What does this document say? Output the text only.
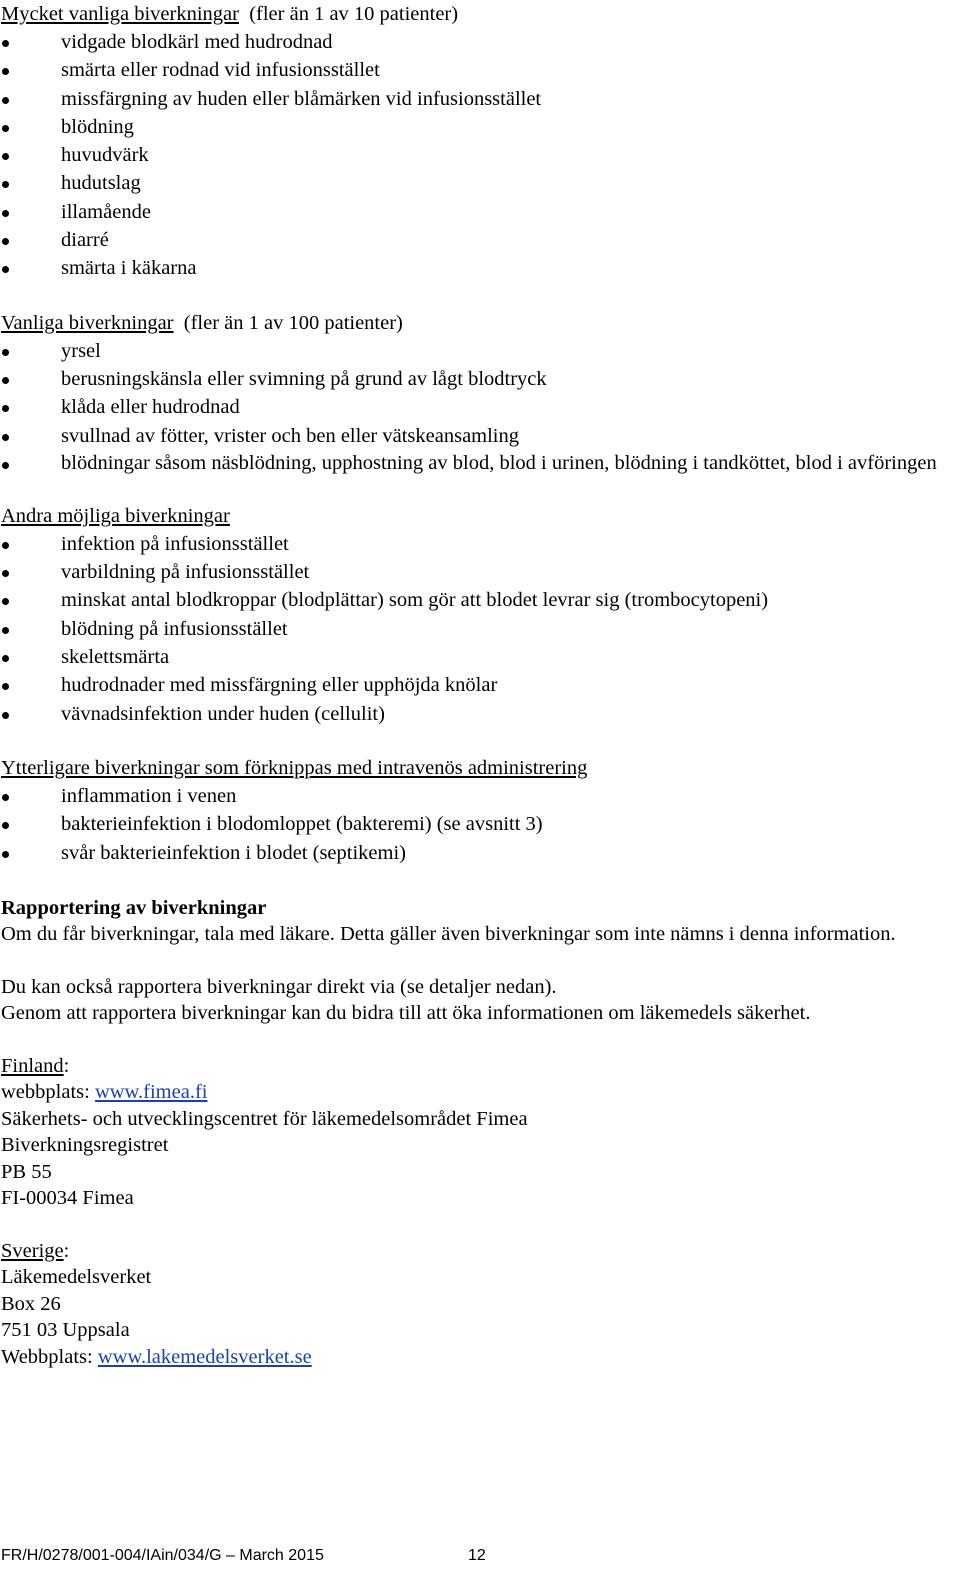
Mycket vanliga biverkningar (fler än 1 av 10 patienter)

vidgade blodkärl med hudrodnad
smärta eller rodnad vid infusionsstället
missfärgning av huden eller blåmärken vid infusionsstället
blödning
huvudvärk
hudutslag
illamående
diarré
smärta i käkarna

Vanliga biverkningar (fler än 1 av 100 patienter)

yrsel
berusningskänsla eller svimning på grund av lågt blodtryck
klåda eller hudrodnad
svullnad av fötter, vrister och ben eller vätskeansamling
blödningar såsom näsblödning, upphostning av blod, blod i urinen, blödning i tandköttet, blod i avföringen

Andra möjliga biverkningar

infektion på infusionsstället
varbildning på infusionsstället
minskat antal blodkroppar (blodplättar) som gör att blodet levrar sig (trombocytopeni)
blödning på infusionsstället
skelettsmärta
hudrodnader med missfärgning eller upphöjda knölar
vävnadsinfektion under huden (cellulit)

Ytterligare biverkningar som förknippas med intravenös administrering

inflammation i venen
bakterieinfektion i blodomloppet (bakteremi) (se avsnitt 3)
svår bakterieinfektion i blodet (septikemi)

Rapportering av biverkningar

Om du får biverkningar, tala med läkare. Detta gäller även biverkningar som inte nämns i denna information.

Du kan också rapportera biverkningar direkt via (se detaljer nedan).

Genom att rapportera biverkningar kan du bidra till att öka informationen om läkemedels säkerhet.

Finland:

webbplats: www.fimea.fi

Säkerhets- och utvecklingscentret för läkemedelsområdet Fimea

Biverkningsregistret

PB 55

FI-00034 Fimea

Sverige:

Läkemedelsverket

Box 26

751 03 Uppsala

Webbplats: www.lakemedelsverket.se

FR/H/0278/001-004/IAin/034/G – March 2015	12
